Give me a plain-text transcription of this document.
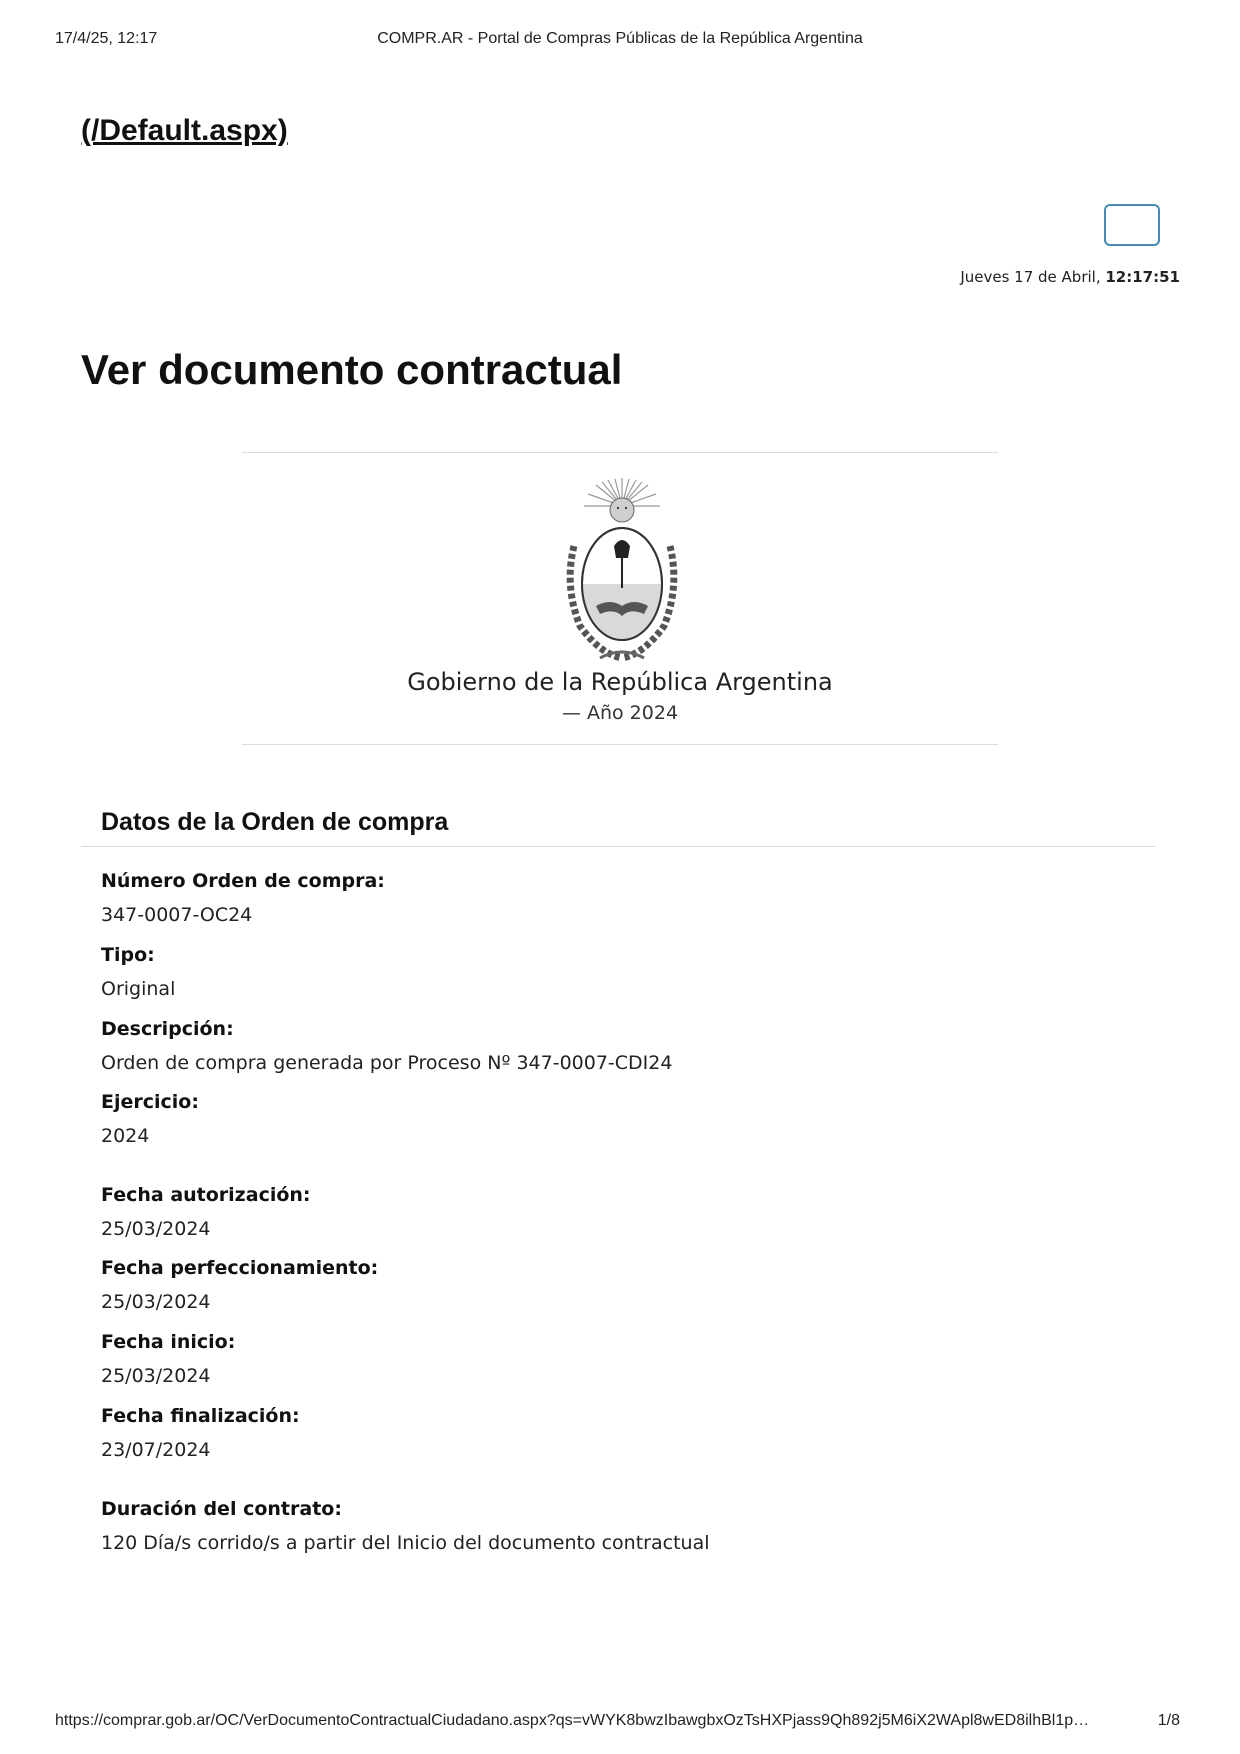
17/4/25, 12:17	COMPR.AR - Portal de Compras Públicas de la República Argentina
(/Default.aspx)
Jueves 17 de Abril, 12:17:51
Ver documento contractual
Gobierno de la República Argentina
— Año 2024
Datos de la Orden de compra
Número Orden de compra:
347-0007-OC24
Tipo:
Original
Descripción:
Orden de compra generada por Proceso Nº 347-0007-CDI24
Ejercicio:
2024
Fecha autorización:
25/03/2024
Fecha perfeccionamiento:
25/03/2024
Fecha inicio:
25/03/2024
Fecha finalización:
23/07/2024
Duración del contrato:
120 Día/s corrido/s a partir del Inicio del documento contractual
https://comprar.gob.ar/OC/VerDocumentoContractualCiudadano.aspx?qs=vWYK8bwzIbawgbxOzTsHXPjass9Qh892j5M6iX2WApl8wED8ilhBl1p…	1/8
